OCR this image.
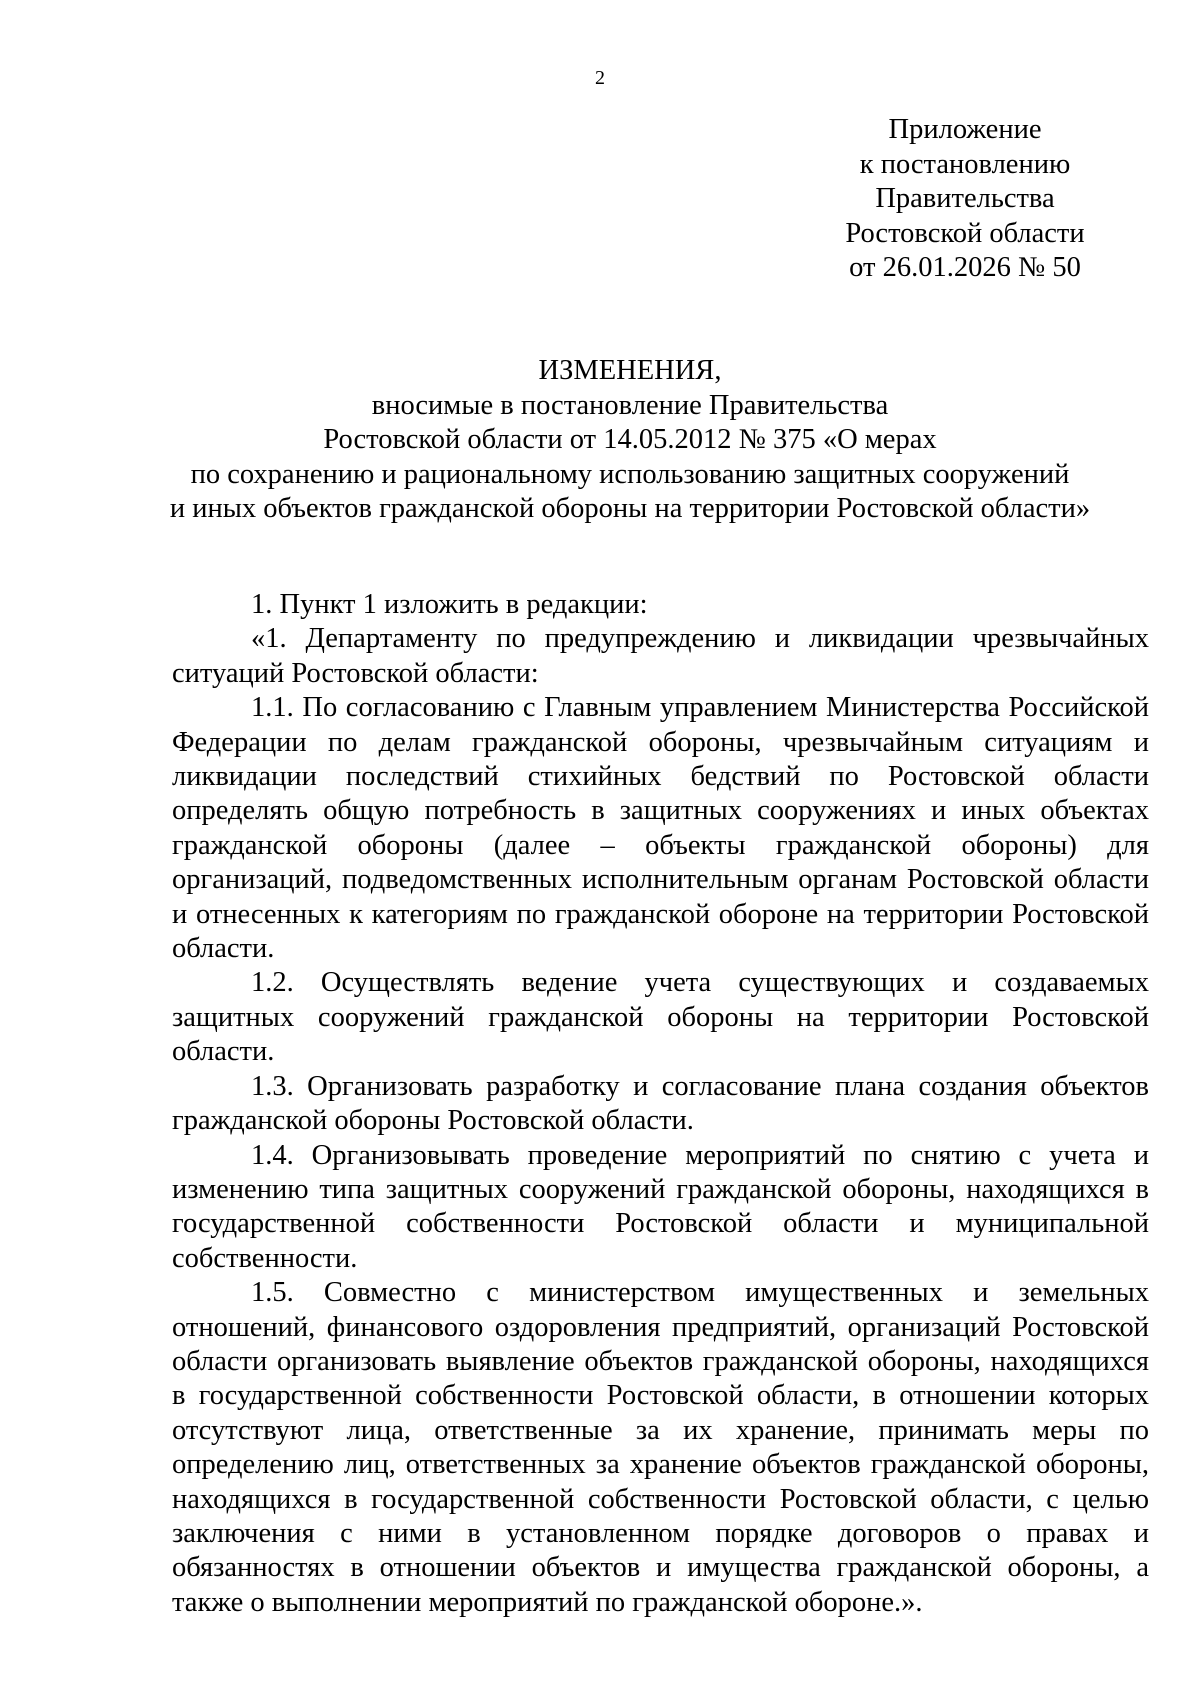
2
Приложение
к постановлению
Правительства
Ростовской области
от 26.01.2026 № 50
ИЗМЕНЕНИЯ,
вносимые в постановление Правительства
Ростовской области от 14.05.2012 № 375 «О мерах
по сохранению и рациональному использованию защитных сооружений
и иных объектов гражданской обороны на территории Ростовской области»

1. Пункт 1 изложить в редакции:

«1. Департаменту по предупреждению и ликвидации чрезвычайных ситуаций Ростовской области:

1.1. По согласованию с Главным управлением Министерства Российской Федерации по делам гражданской обороны, чрезвычайным ситуациям и ликвидации последствий стихийных бедствий по Ростовской области определять общую потребность в защитных сооружениях и иных объектах гражданской обороны (далее – объекты гражданской обороны) для организаций, подведомственных исполнительным органам Ростовской области и отнесенных к категориям по гражданской обороне на территории Ростовской области.

1.2. Осуществлять ведение учета существующих и создаваемых защитных сооружений гражданской обороны на территории Ростовской области.

1.3. Организовать разработку и согласование плана создания объектов гражданской обороны Ростовской области.

1.4. Организовывать проведение мероприятий по снятию с учета и изменению типа защитных сооружений гражданской обороны, находящихся в государственной собственности Ростовской области и муниципальной собственности.

1.5. Совместно с министерством имущественных и земельных отношений, финансового оздоровления предприятий, организаций Ростовской области организовать выявление объектов гражданской обороны, находящихся в государственной собственности Ростовской области, в отношении которых отсутствуют лица, ответственные за их хранение, принимать меры по определению лиц, ответственных за хранение объектов гражданской обороны, находящихся в государственной собственности Ростовской области, с целью заключения с ними в установленном порядке договоров о правах и обязанностях в отношении объектов и имущества гражданской обороны, а также о выполнении мероприятий по гражданской обороне.».
